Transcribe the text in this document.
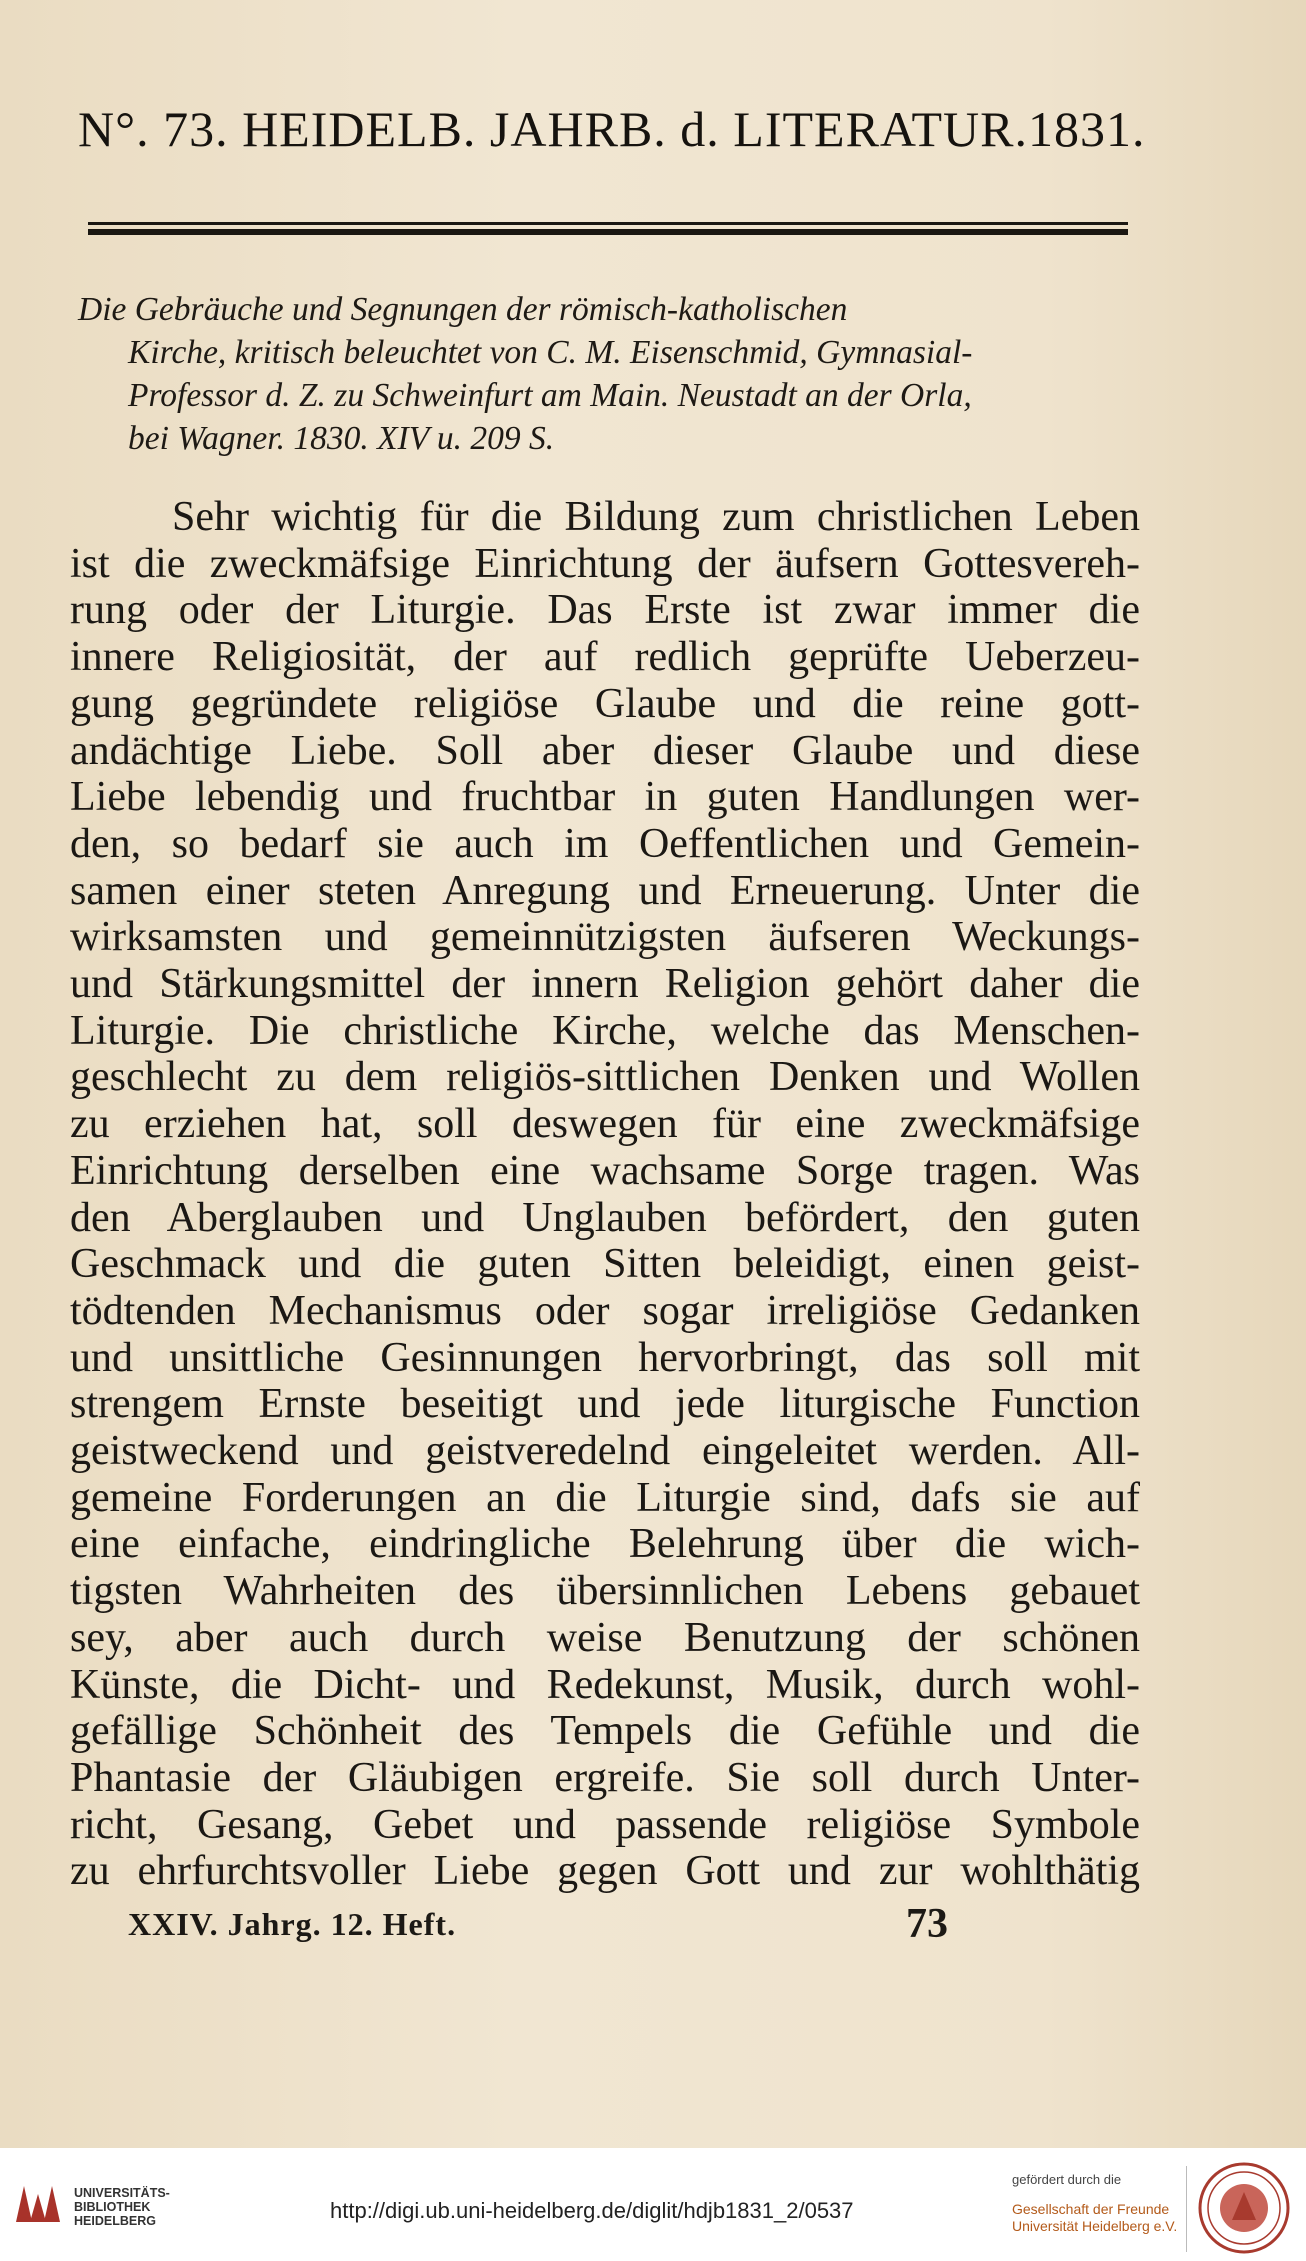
N°. 73. HEIDELB. JAHRB. d. LITERATUR. 1831.
Die Gebräuche und Segnungen der römisch-katholischen
Kirche, kritisch beleuchtet von C. M. Eisenschmid, Gymnasial-
Professor d. Z. zu Schweinfurt am Main. Neustadt an der Orla,
bei Wagner. 1830. XIV u. 209 S.
Sehr wichtig für die Bildung zum christlichen Leben
ist die zweckmäfsige Einrichtung der äufsern Gottesvereh-
rung oder der Liturgie. Das Erste ist zwar immer die
innere Religiosität, der auf redlich geprüfte Ueberzeu-
gung gegründete religiöse Glaube und die reine gott-
andächtige Liebe. Soll aber dieser Glaube und diese
Liebe lebendig und fruchtbar in guten Handlungen wer-
den, so bedarf sie auch im Oeffentlichen und Gemein-
samen einer steten Anregung und Erneuerung. Unter die
wirksamsten und gemeinnützigsten äufseren Weckungs-
und Stärkungsmittel der innern Religion gehört daher die
Liturgie. Die christliche Kirche, welche das Menschen-
geschlecht zu dem religiös-sittlichen Denken und Wollen
zu erziehen hat, soll deswegen für eine zweckmäfsige
Einrichtung derselben eine wachsame Sorge tragen. Was
den Aberglauben und Unglauben befördert, den guten
Geschmack und die guten Sitten beleidigt, einen geist-
tödtenden Mechanismus oder sogar irreligiöse Gedanken
und unsittliche Gesinnungen hervorbringt, das soll mit
strengem Ernste beseitigt und jede liturgische Function
geistweckend und geistveredelnd eingeleitet werden. All-
gemeine Forderungen an die Liturgie sind, dafs sie auf
eine einfache, eindringliche Belehrung über die wich-
tigsten Wahrheiten des übersinnlichen Lebens gebauet
sey, aber auch durch weise Benutzung der schönen
Künste, die Dicht- und Redekunst, Musik, durch wohl-
gefällige Schönheit des Tempels die Gefühle und die
Phantasie der Gläubigen ergreife. Sie soll durch Unter-
richt, Gesang, Gebet und passende religiöse Symbole
zu ehrfurchtsvoller Liebe gegen Gott und zur wohlthätig
XXIV. Jahrg. 12. Heft.	73
UNIVERSITÄTS-
BIBLIOTHEK
HEIDELBERG	http://digi.ub.uni-heidelberg.de/diglit/hdjb1831_2/0537
gefördert durch die
Gesellschaft der Freunde
Universität Heidelberg e.V.
